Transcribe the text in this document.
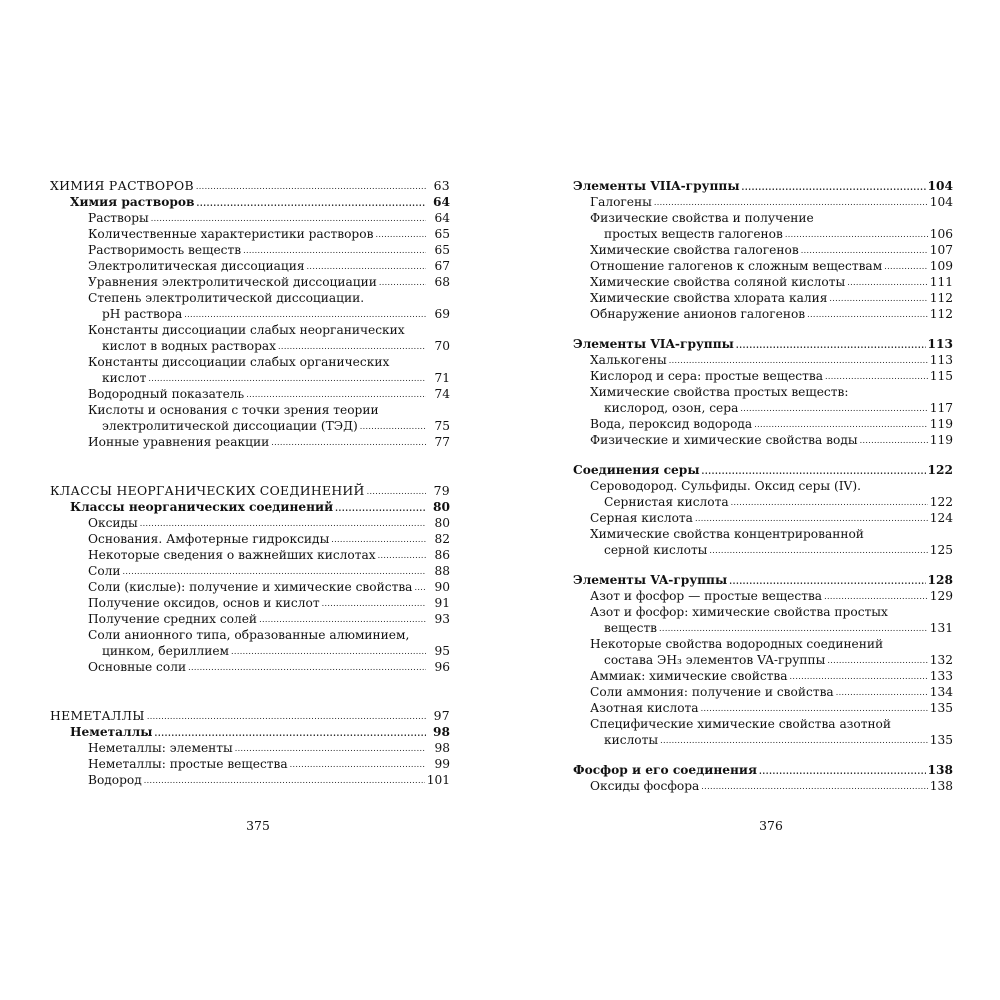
ХИМИЯ РАСТВОРОВ . . .	63
Химия растворов . . .	64
Растворы . . .	64
Количественные характеристики растворов . . .	65
Растворимость веществ . . .	65
Электролитическая диссоциация . . .	67
Уравнения электролитической диссоциации . . .	68
Степень электролитической диссоциации.
pH раствора . . .	69
Константы диссоциации слабых неорганических
кислот в водных растворах . . .	70
Константы диссоциации слабых органических
кислот . . .	71
Водородный показатель . . .	74
Кислоты и основания с точки зрения теории
электролитической диссоциации (ТЭД) . . .	75
Ионные уравнения реакции . . .	77
КЛАССЫ НЕОРГАНИЧЕСКИХ СОЕДИНЕНИЙ . . .	79
Классы неорганических соединений . . .	80
Оксиды . . .	80
Основания. Амфотерные гидроксиды . . .	82
Некоторые сведения о важнейших кислотах . . .	86
Соли . . .	88
Соли (кислые): получение и химические свойства . . .	90
Получение оксидов, основ и кислот . . .	91
Получение средних солей . . .	93
Соли анионного типа, образованные алюминием,
цинком, бериллием . . .	95
Основные соли . . .	96
НЕМЕТАЛЛЫ . . .	97
Неметаллы . . .	98
Неметаллы: элементы . . .	98
Неметаллы: простые вещества . . .	99
Водород . . .	101
375
Элементы VIIA-группы . . .	104
Галогены . . .	104
Физические свойства и получение
простых веществ галогенов . . .	106
Химические свойства галогенов . . .	107
Отношение галогенов к сложным веществам . . .	109
Химические свойства соляной кислоты . . .	111
Химические свойства хлората калия . . .	112
Обнаружение анионов галогенов . . .	112
Элементы VIA-группы . . .	113
Халькогены . . .	113
Кислород и сера: простые вещества . . .	115
Химические свойства простых веществ:
кислород, озон, сера . . .	117
Вода, пероксид водорода . . .	119
Физические и химические свойства воды . . .	119
Соединения серы . . .	122
Сероводород. Сульфиды. Оксид серы (IV).
Сернистая кислота . . .	122
Серная кислота . . .	124
Химические свойства концентрированной
серной кислоты . . .	125
Элементы VA-группы . . .	128
Азот и фосфор — простые вещества . . .	129
Азот и фосфор: химические свойства простых
веществ . . .	131
Некоторые свойства водородных соединений
состава ЭН₃ элементов VA-группы . . .	132
Аммиак: химические свойства . . .	133
Соли аммония: получение и свойства . . .	134
Азотная кислота . . .	135
Специфические химические свойства азотной
кислоты . . .	135
Фосфор и его соединения . . .	138
Оксиды фосфора . . .	138
376
